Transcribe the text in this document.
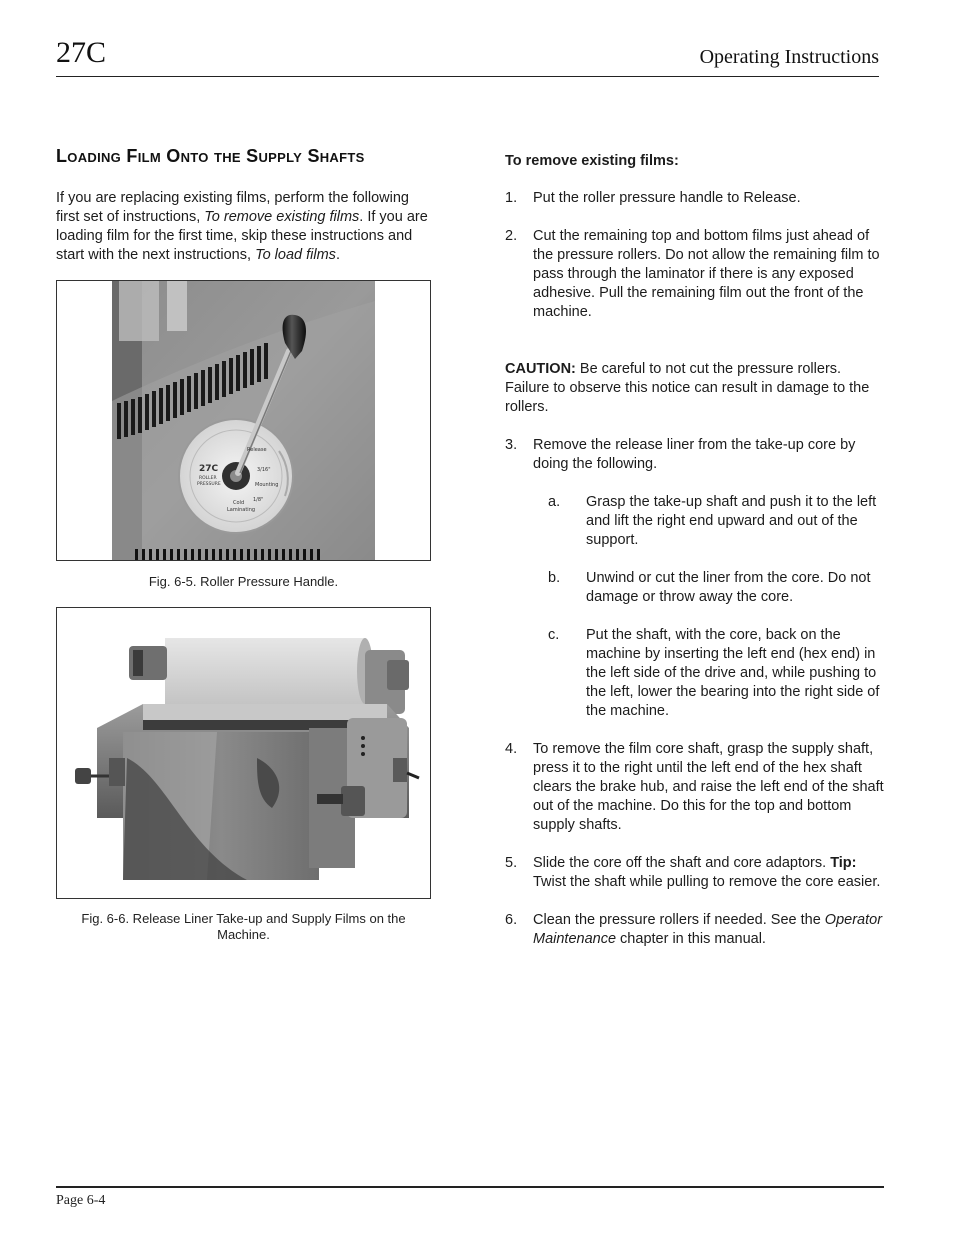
27C	Operating Instructions
Loading Film Onto the Supply Shafts

If you are replacing existing films, perform the following first set of instructions, To remove existing films. If you are loading film for the first time, skip these instructions and start with the next instructions, To load films.

27C
ROLLER
PRESSURE
Release
3/16"
Mounting
1/8"
Cold
Laminating
Fig. 6-5. Roller Pressure Handle.
Fig. 6-6. Release Liner Take-up and Supply Films on the Machine.

To remove existing films:

1. Put the roller pressure handle to Release.
2. Cut the remaining top and bottom films just ahead of the pressure rollers. Do not allow the remaining film to pass through the laminator if there is any exposed adhesive. Pull the remaining film out the front of the machine.

CAUTION: Be careful to not cut the pressure rollers. Failure to observe this notice can result in damage to the rollers.

3. Remove the release liner from the take-up core by doing the following.
a. Grasp the take-up shaft and push it to the left and lift the right end upward and out of the support.
b. Unwind or cut the liner from the core. Do not damage or throw away the core.
c. Put the shaft, with the core, back on the machine by inserting the left end (hex end) in the left side of the drive and, while pushing to the left, lower the bearing into the right side of the machine.
4. To remove the film core shaft, grasp the supply shaft, press it to the right until the left end of the hex shaft clears the brake hub, and raise the left end of the shaft out of the machine. Do this for the top and bottom supply shafts.
5. Slide the core off the shaft and core adaptors. Tip: Twist the shaft while pulling to remove the core easier.
6. Clean the pressure rollers if needed. See the Operator Maintenance chapter in this manual.
Page 6-4
